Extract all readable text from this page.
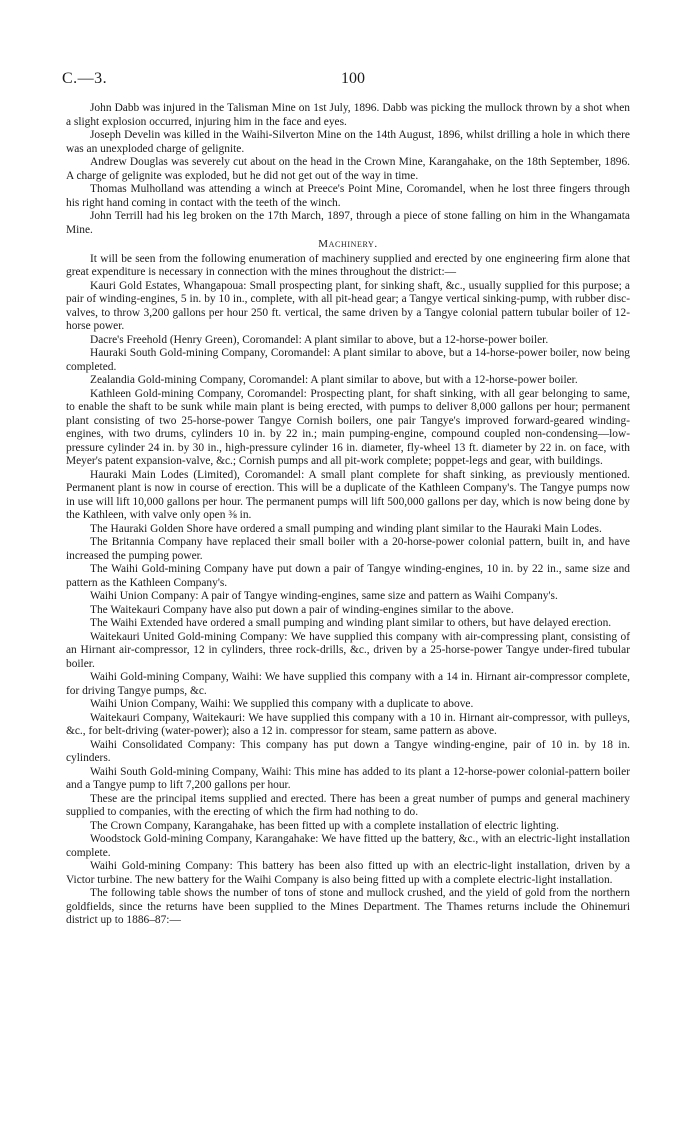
C.—3.	100

John Dabb was injured in the Talisman Mine on 1st July, 1896. Dabb was picking the mullock thrown by a shot when a slight explosion occurred, injuring him in the face and eyes.

Joseph Develin was killed in the Waihi-Silverton Mine on the 14th August, 1896, whilst drilling a hole in which there was an unexploded charge of gelignite.

Andrew Douglas was severely cut about on the head in the Crown Mine, Karangahake, on the 18th September, 1896. A charge of gelignite was exploded, but he did not get out of the way in time.

Thomas Mulholland was attending a winch at Preece's Point Mine, Coromandel, when he lost three fingers through his right hand coming in contact with the teeth of the winch.

John Terrill had his leg broken on the 17th March, 1897, through a piece of stone falling on him in the Whangamata Mine.

Machinery.

It will be seen from the following enumeration of machinery supplied and erected by one engineering firm alone that great expenditure is necessary in connection with the mines throughout the district:—

Kauri Gold Estates, Whangapoua: Small prospecting plant, for sinking shaft, &c., usually supplied for this purpose; a pair of winding-engines, 5 in. by 10 in., complete, with all pit-head gear; a Tangye vertical sinking-pump, with rubber disc-valves, to throw 3,200 gallons per hour 250 ft. vertical, the same driven by a Tangye colonial pattern tubular boiler of 12-horse power.

Dacre's Freehold (Henry Green), Coromandel: A plant similar to above, but a 12-horse-power boiler.

Hauraki South Gold-mining Company, Coromandel: A plant similar to above, but a 14-horse-power boiler, now being completed.

Zealandia Gold-mining Company, Coromandel: A plant similar to above, but with a 12-horse-power boiler.

Kathleen Gold-mining Company, Coromandel: Prospecting plant, for shaft sinking, with all gear belonging to same, to enable the shaft to be sunk while main plant is being erected, with pumps to deliver 8,000 gallons per hour; permanent plant consisting of two 25-horse-power Tangye Cornish boilers, one pair Tangye's improved forward-geared winding-engines, with two drums, cylinders 10 in. by 22 in.; main pumping-engine, compound coupled non-condensing—low-pressure cylinder 24 in. by 30 in., high-pressure cylinder 16 in. diameter, fly-wheel 13 ft. diameter by 22 in. on face, with Meyer's patent expansion-valve, &c.; Cornish pumps and all pit-work complete; poppet-legs and gear, with buildings.

Hauraki Main Lodes (Limited), Coromandel: A small plant complete for shaft sinking, as previously mentioned. Permanent plant is now in course of erection. This will be a duplicate of the Kathleen Company's. The Tangye pumps now in use will lift 10,000 gallons per hour. The permanent pumps will lift 500,000 gallons per day, which is now being done by the Kathleen, with valve only open ⅜ in.

The Hauraki Golden Shore have ordered a small pumping and winding plant similar to the Hauraki Main Lodes.

The Britannia Company have replaced their small boiler with a 20-horse-power colonial pattern, built in, and have increased the pumping power.

The Waihi Gold-mining Company have put down a pair of Tangye winding-engines, 10 in. by 22 in., same size and pattern as the Kathleen Company's.

Waihi Union Company: A pair of Tangye winding-engines, same size and pattern as Waihi Company's.

The Waitekauri Company have also put down a pair of winding-engines similar to the above.

The Waihi Extended have ordered a small pumping and winding plant similar to others, but have delayed erection.

Waitekauri United Gold-mining Company: We have supplied this company with air-compressing plant, consisting of an Hirnant air-compressor, 12 in cylinders, three rock-drills, &c., driven by a 25-horse-power Tangye under-fired tubular boiler.

Waihi Gold-mining Company, Waihi: We have supplied this company with a 14 in. Hirnant air-compressor complete, for driving Tangye pumps, &c.

Waihi Union Company, Waihi: We supplied this company with a duplicate to above.

Waitekauri Company, Waitekauri: We have supplied this company with a 10 in. Hirnant air-compressor, with pulleys, &c., for belt-driving (water-power); also a 12 in. compressor for steam, same pattern as above.

Waihi Consolidated Company: This company has put down a Tangye winding-engine, pair of 10 in. by 18 in. cylinders.

Waihi South Gold-mining Company, Waihi: This mine has added to its plant a 12-horse-power colonial-pattern boiler and a Tangye pump to lift 7,200 gallons per hour.

These are the principal items supplied and erected. There has been a great number of pumps and general machinery supplied to companies, with the erecting of which the firm had nothing to do.

The Crown Company, Karangahake, has been fitted up with a complete installation of electric lighting.

Woodstock Gold-mining Company, Karangahake: We have fitted up the battery, &c., with an electric-light installation complete.

Waihi Gold-mining Company: This battery has been also fitted up with an electric-light installation, driven by a Victor turbine. The new battery for the Waihi Company is also being fitted up with a complete electric-light installation.

The following table shows the number of tons of stone and mullock crushed, and the yield of gold from the northern goldfields, since the returns have been supplied to the Mines Department. The Thames returns include the Ohinemuri district up to 1886–87:—
